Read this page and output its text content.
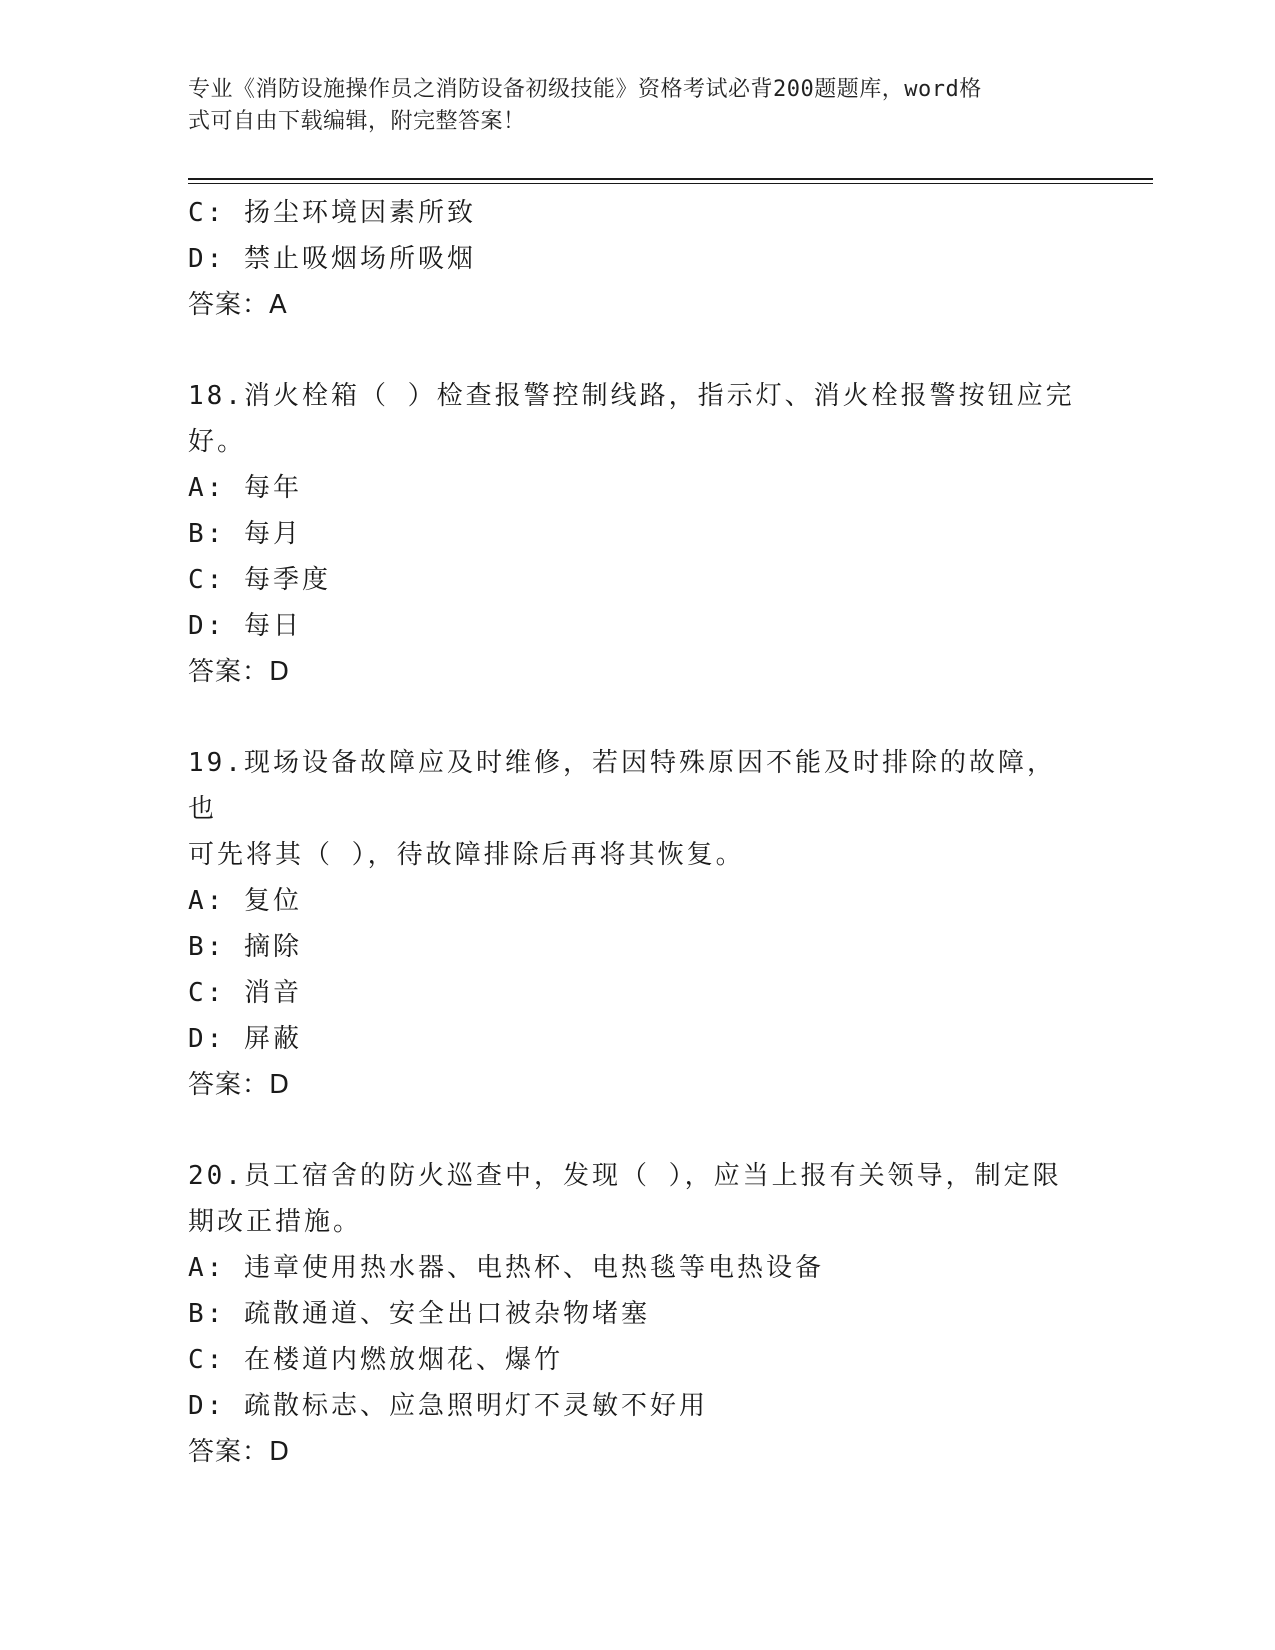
专业《消防设施操作员之消防设备初级技能》资格考试必背200题题库，word格
式可自由下载编辑，附完整答案！
C: 扬尘环境因素所致
D: 禁止吸烟场所吸烟
答案：A
18.消火栓箱（ ）检查报警控制线路，指示灯、消火栓报警按钮应完
好。
A: 每年
B: 每月
C: 每季度
D: 每日
答案：D
19.现场设备故障应及时维修，若因特殊原因不能及时排除的故障，也
可先将其（ ），待故障排除后再将其恢复。
A: 复位
B: 摘除
C: 消音
D: 屏蔽
答案：D
20.员工宿舍的防火巡查中，发现（ ），应当上报有关领导，制定限
期改正措施。
A: 违章使用热水器、电热杯、电热毯等电热设备
B: 疏散通道、安全出口被杂物堵塞
C: 在楼道内燃放烟花、爆竹
D: 疏散标志、应急照明灯不灵敏不好用
答案：D
